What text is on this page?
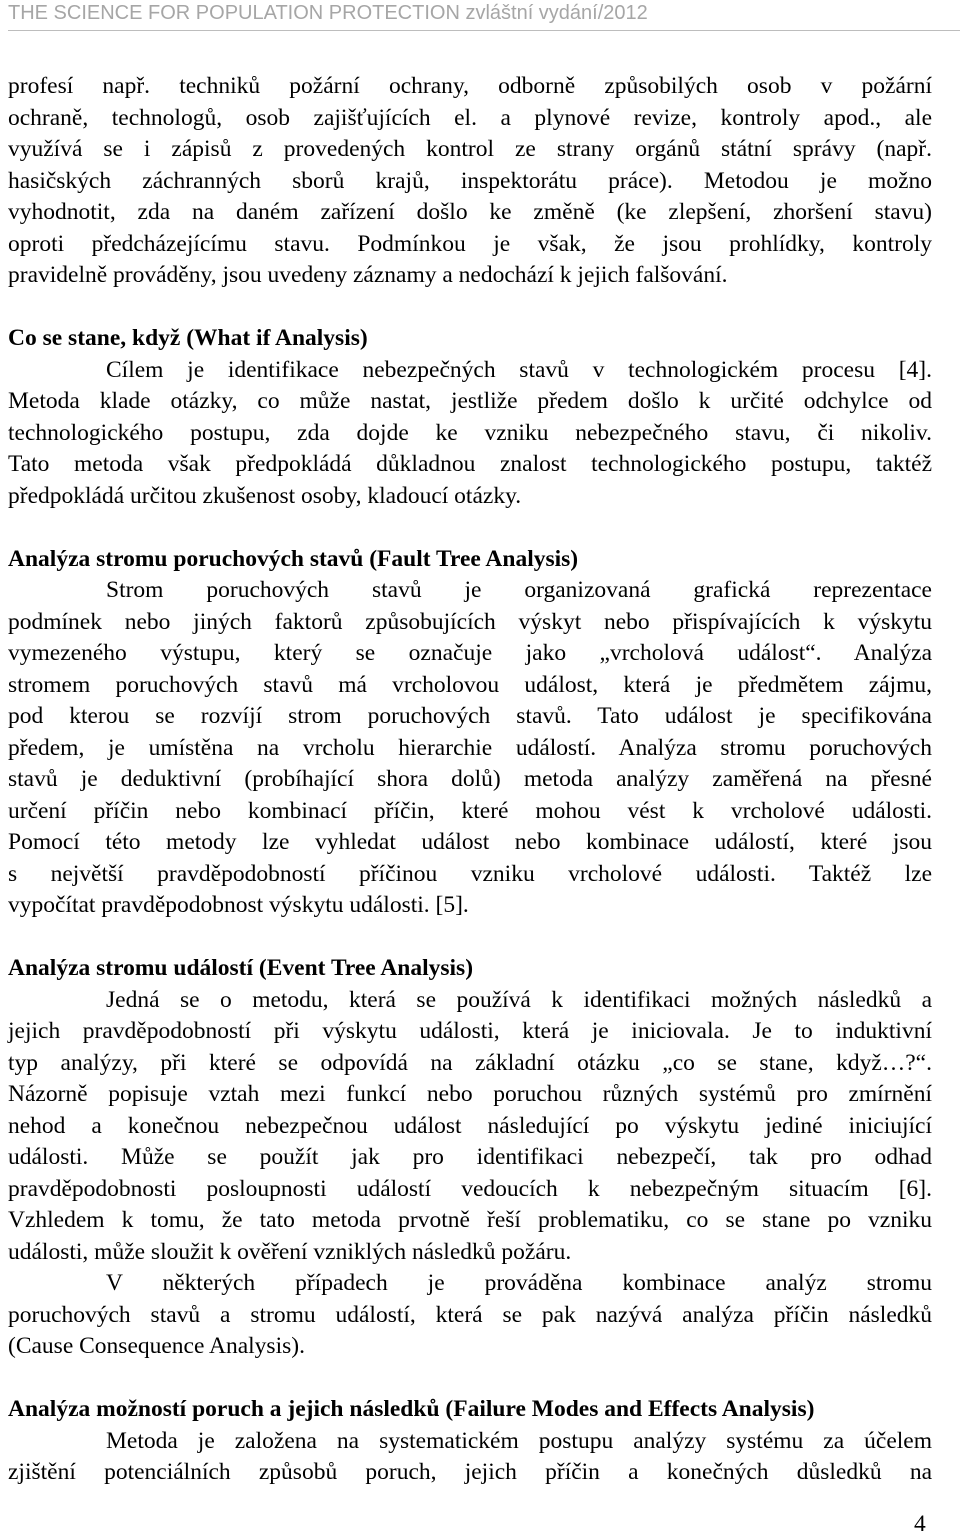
THE SCIENCE FOR POPULATION PROTECTION zvláštní vydání/2012
profesí např. techniků požární ochrany, odborně způsobilých osob v požární
ochraně, technologů, osob zajišťujících el. a plynové revize, kontroly apod., ale
využívá se i zápisů z provedených kontrol ze strany orgánů státní správy (např.
hasičských záchranných sborů krajů, inspektorátu práce). Metodou je možno
vyhodnotit, zda na daném zařízení došlo ke změně (ke zlepšení, zhoršení stavu)
oproti předcházejícímu stavu. Podmínkou je však, že jsou prohlídky, kontroly
pravidelně prováděny, jsou uvedeny záznamy a nedochází k jejich falšování.
Co se stane, když (What if Analysis)
Cílem je identifikace nebezpečných stavů v technologickém procesu [4].
Metoda klade otázky, co může nastat, jestliže předem došlo k určité odchylce od
technologického postupu, zda dojde ke vzniku nebezpečného stavu, či nikoliv.
Tato metoda však předpokládá důkladnou znalost technologického postupu, taktéž
předpokládá určitou zkušenost osoby, kladoucí otázky.
Analýza stromu poruchových stavů (Fault Tree Analysis)
Strom poruchových stavů je organizovaná grafická reprezentace
podmínek nebo jiných faktorů způsobujících výskyt nebo přispívajících k výskytu
vymezeného výstupu, který se označuje jako „vrcholová událost“. Analýza
stromem poruchových stavů má vrcholovou událost, která je předmětem zájmu,
pod kterou se rozvíjí strom poruchových stavů. Tato událost je specifikována
předem, je umístěna na vrcholu hierarchie událostí. Analýza stromu poruchových
stavů je deduktivní (probíhající shora dolů) metoda analýzy zaměřená na přesné
určení příčin nebo kombinací příčin, které mohou vést k vrcholové události.
Pomocí této metody lze vyhledat událost nebo kombinace událostí, které jsou
s největší pravděpodobností příčinou vzniku vrcholové události. Taktéž lze
vypočítat pravděpodobnost výskytu události. [5].
Analýza stromu událostí (Event Tree Analysis)
Jedná se o metodu, která se používá k identifikaci možných následků a
jejich pravděpodobností při výskytu události, která je iniciovala. Je to induktivní
typ analýzy, při které se odpovídá na základní otázku „co se stane, když…?“.
Názorně popisuje vztah mezi funkcí nebo poruchou různých systémů pro zmírnění
nehod a konečnou nebezpečnou událost následující po výskytu jediné iniciující
události. Může se použít jak pro identifikaci nebezpečí, tak pro odhad
pravděpodobnosti posloupnosti událostí vedoucích k nebezpečným situacím [6].
Vzhledem k tomu, že tato metoda prvotně řeší problematiku, co se stane po vzniku
události, může sloužit k ověření vzniklých následků požáru.
V některých případech je prováděna kombinace analýz stromu
poruchových stavů a stromu událostí, která se pak nazývá analýza příčin následků
(Cause Consequence Analysis).
Analýza možností poruch a jejich následků (Failure Modes and Effects Analysis)
Metoda je založena na systematickém postupu analýzy systému za účelem
zjištění potenciálních způsobů poruch, jejich příčin a konečných důsledků na
4
